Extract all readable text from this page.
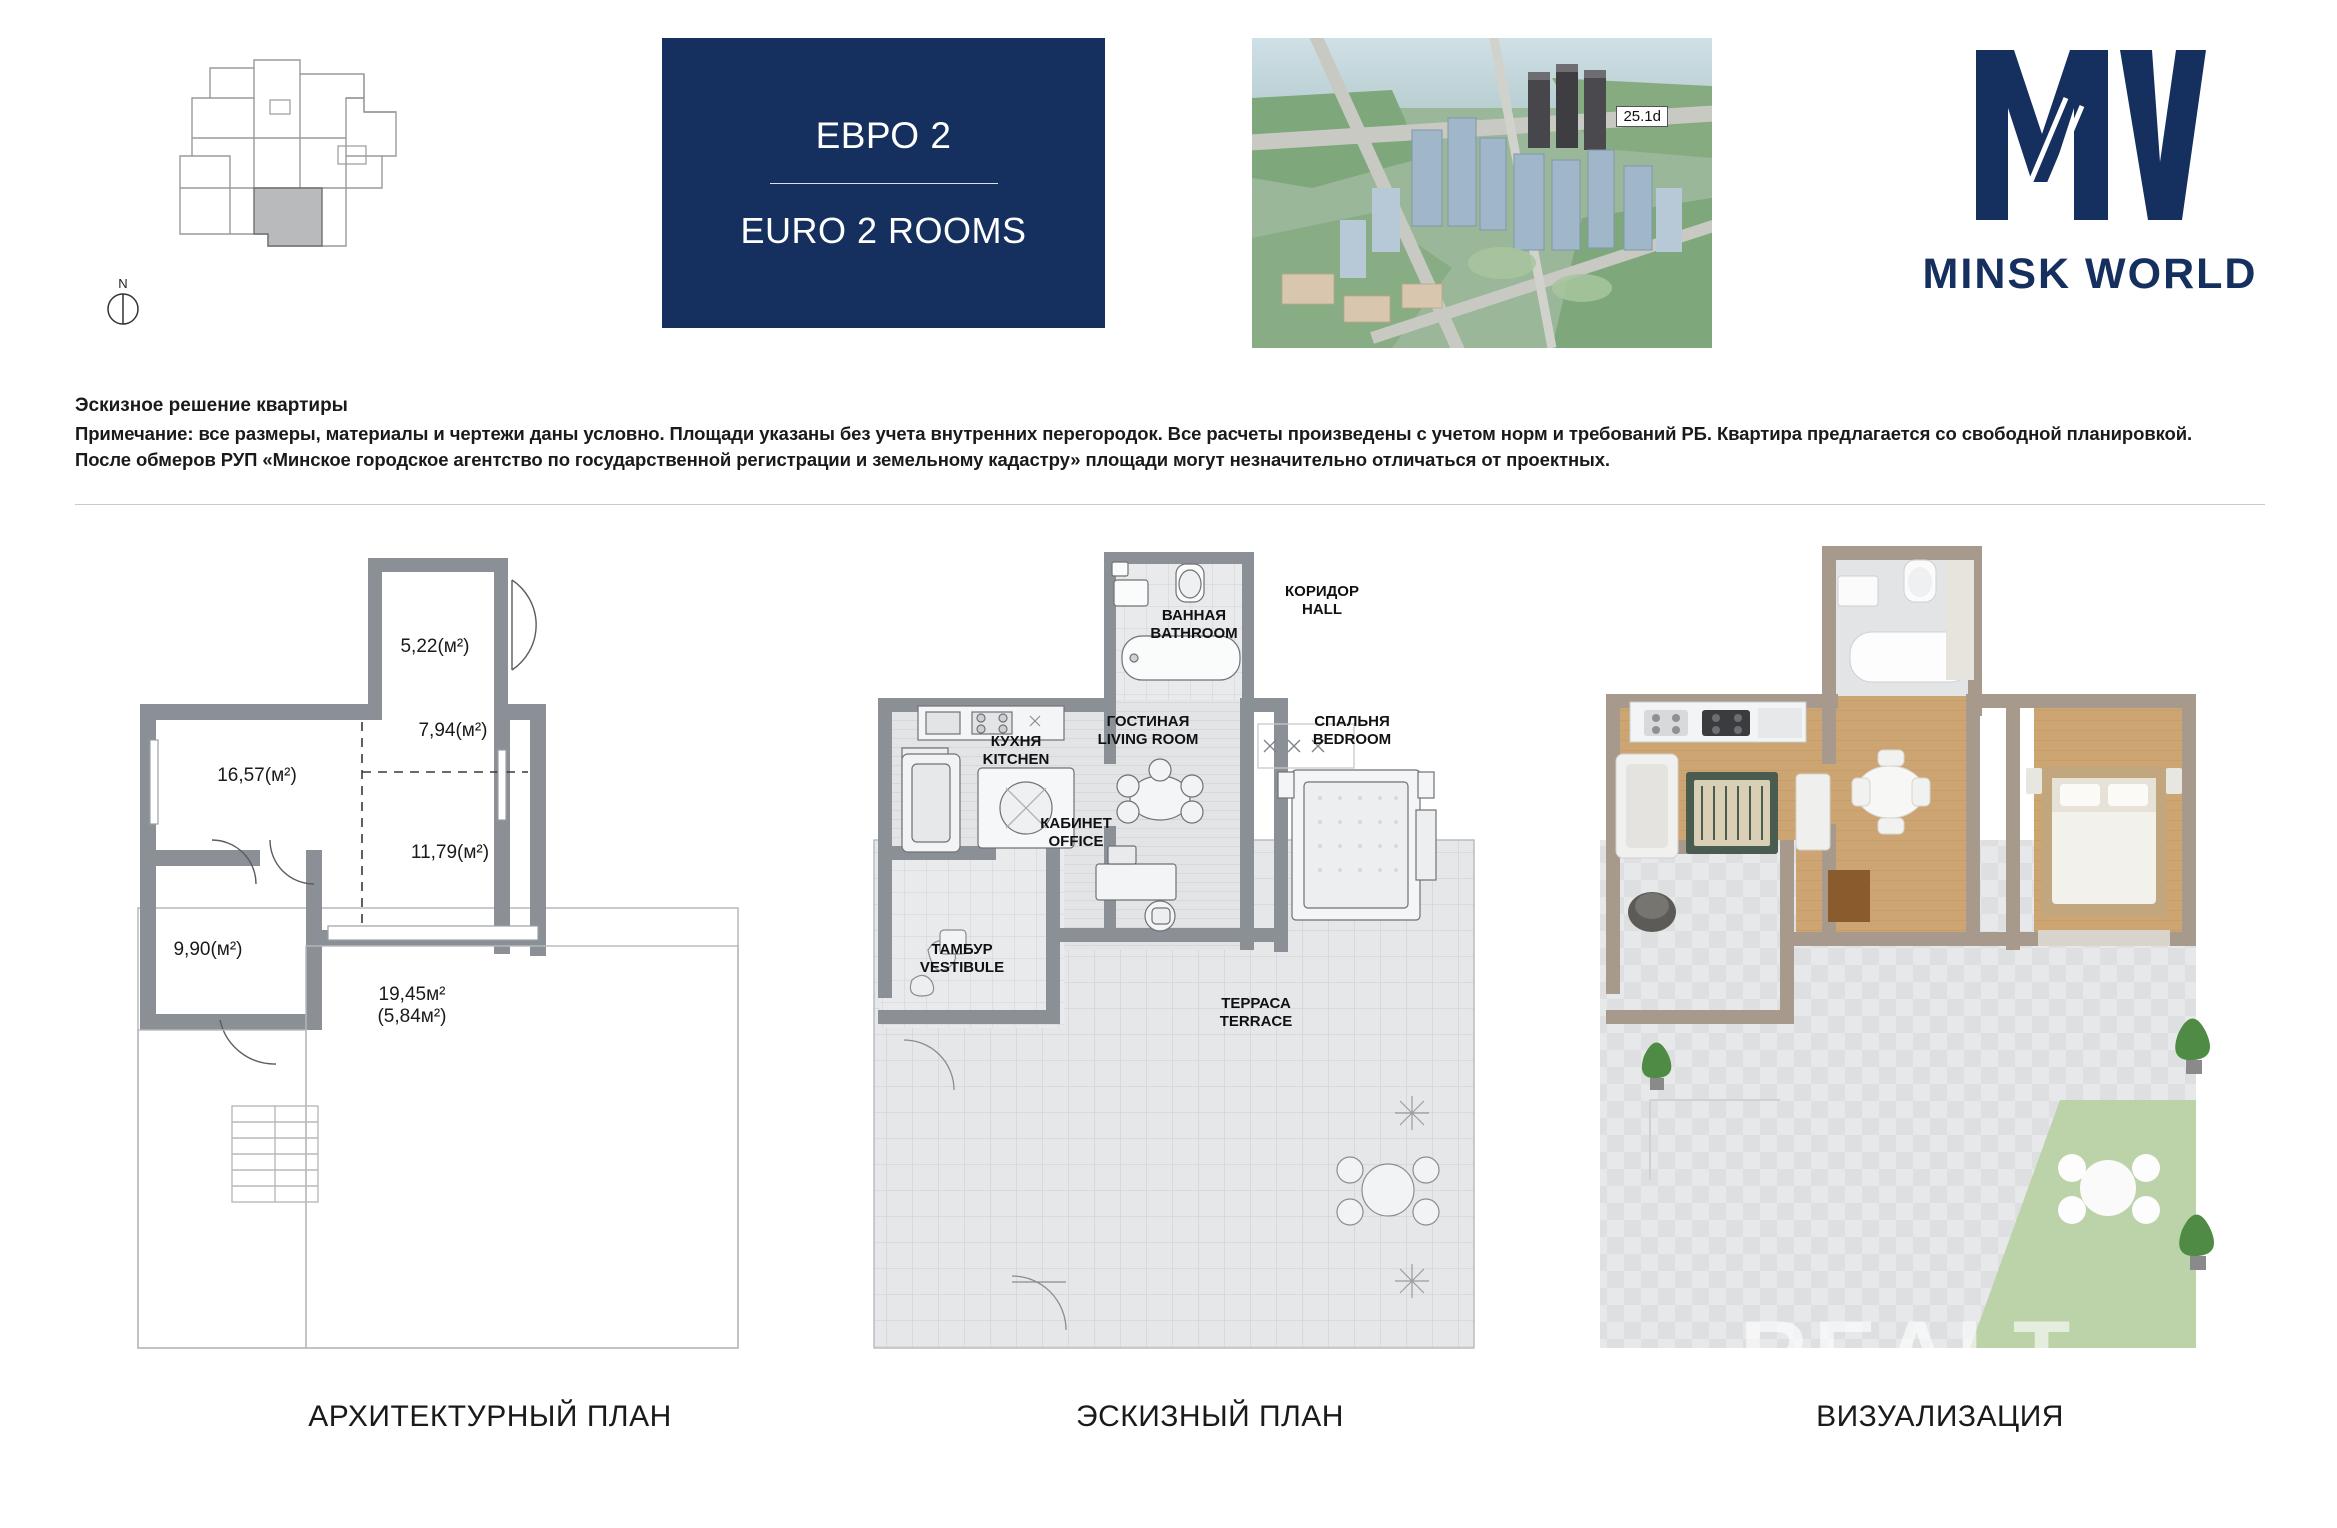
N
ЕВРО 2
EURO 2 ROOMS
25.1d
MINSK WORLD
Эскизное решение квартиры
Примечание: все размеры, материалы и чертежи даны условно. Площади указаны без учета внутренних перегородок. Все расчеты произведены с учетом норм и требований РБ. Квартира предлагается со свободной планировкой.
После обмеров РУП «Минское городское агентство по государственной регистрации и земельному кадастру» площади могут незначительно отличаться от проектных.
5,22(м²)
7,94(м²)
16,57(м²)
11,79(м²)
9,90(м²)
19,45м²
(5,84м²)
АРХИТЕКТУРНЫЙ ПЛАН
КОРИДОР
HALL
ВАННАЯ
BATHROOM
КУХНЯ
KITCHEN
ГОСТИНАЯ
LIVING ROOM
СПАЛЬНЯ
BEDROOM
КАБИНЕТ
OFFICE
ТАМБУР
VESTIBULE
ТЕРРАСА
TERRACE
ЭСКИЗНЫЙ ПЛАН	ВИЗУАЛИЗАЦИЯ
REALT
